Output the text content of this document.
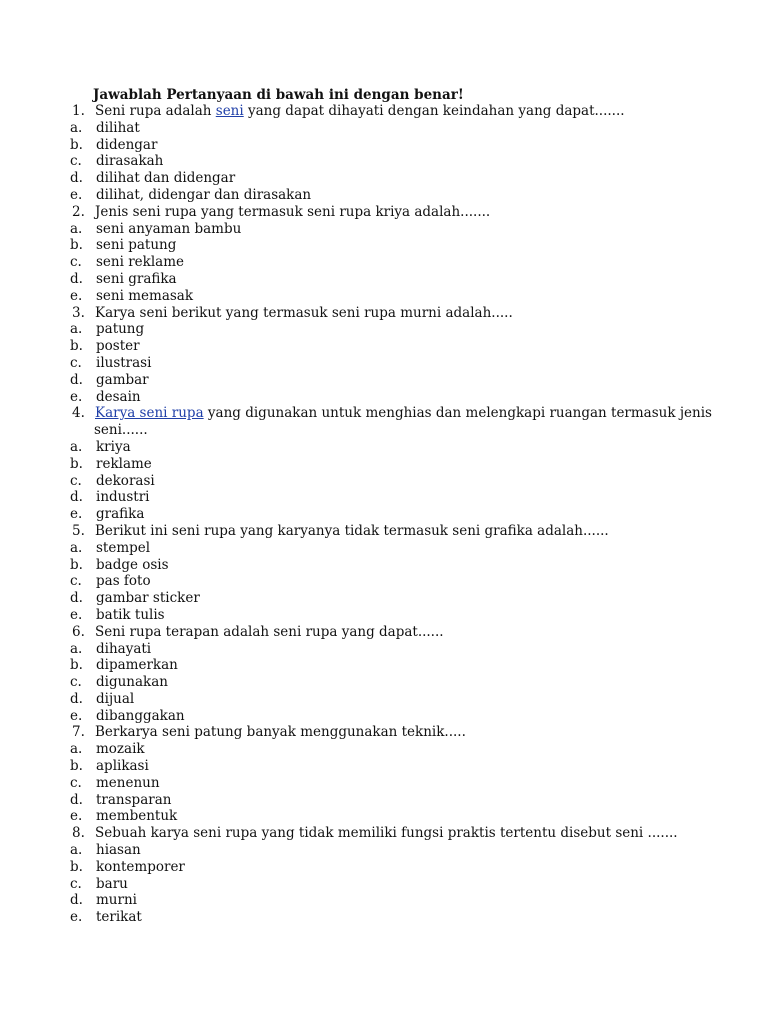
Jawablah Pertanyaan di bawah ini dengan benar!
1. Seni rupa adalah seni yang dapat dihayati dengan keindahan yang dapat.......
a. dilihat
b. didengar
c. dirasakah
d. dilihat dan didengar
e. dilihat, didengar dan dirasakan
2. Jenis seni rupa yang termasuk seni rupa kriya adalah.......
a. seni anyaman bambu
b. seni patung
c. seni reklame
d. seni grafika
e. seni memasak
3. Karya seni berikut yang termasuk seni rupa murni adalah.....
a. patung
b. poster
c. ilustrasi
d. gambar
e. desain
4. Karya seni rupa yang digunakan untuk menghias dan melengkapi ruangan termasuk jenis
seni......
a. kriya
b. reklame
c. dekorasi
d. industri
e. grafika
5. Berikut ini seni rupa yang karyanya tidak termasuk seni grafika adalah......
a. stempel
b. badge osis
c. pas foto
d. gambar sticker
e. batik tulis
6. Seni rupa terapan adalah seni rupa yang dapat......
a. dihayati
b. dipamerkan
c. digunakan
d. dijual
e. dibanggakan
7. Berkarya seni patung banyak menggunakan teknik.....
a. mozaik
b. aplikasi
c. menenun
d. transparan
e. membentuk
8. Sebuah karya seni rupa yang tidak memiliki fungsi praktis tertentu disebut seni .......
a. hiasan
b. kontemporer
c. baru
d. murni
e. terikat
